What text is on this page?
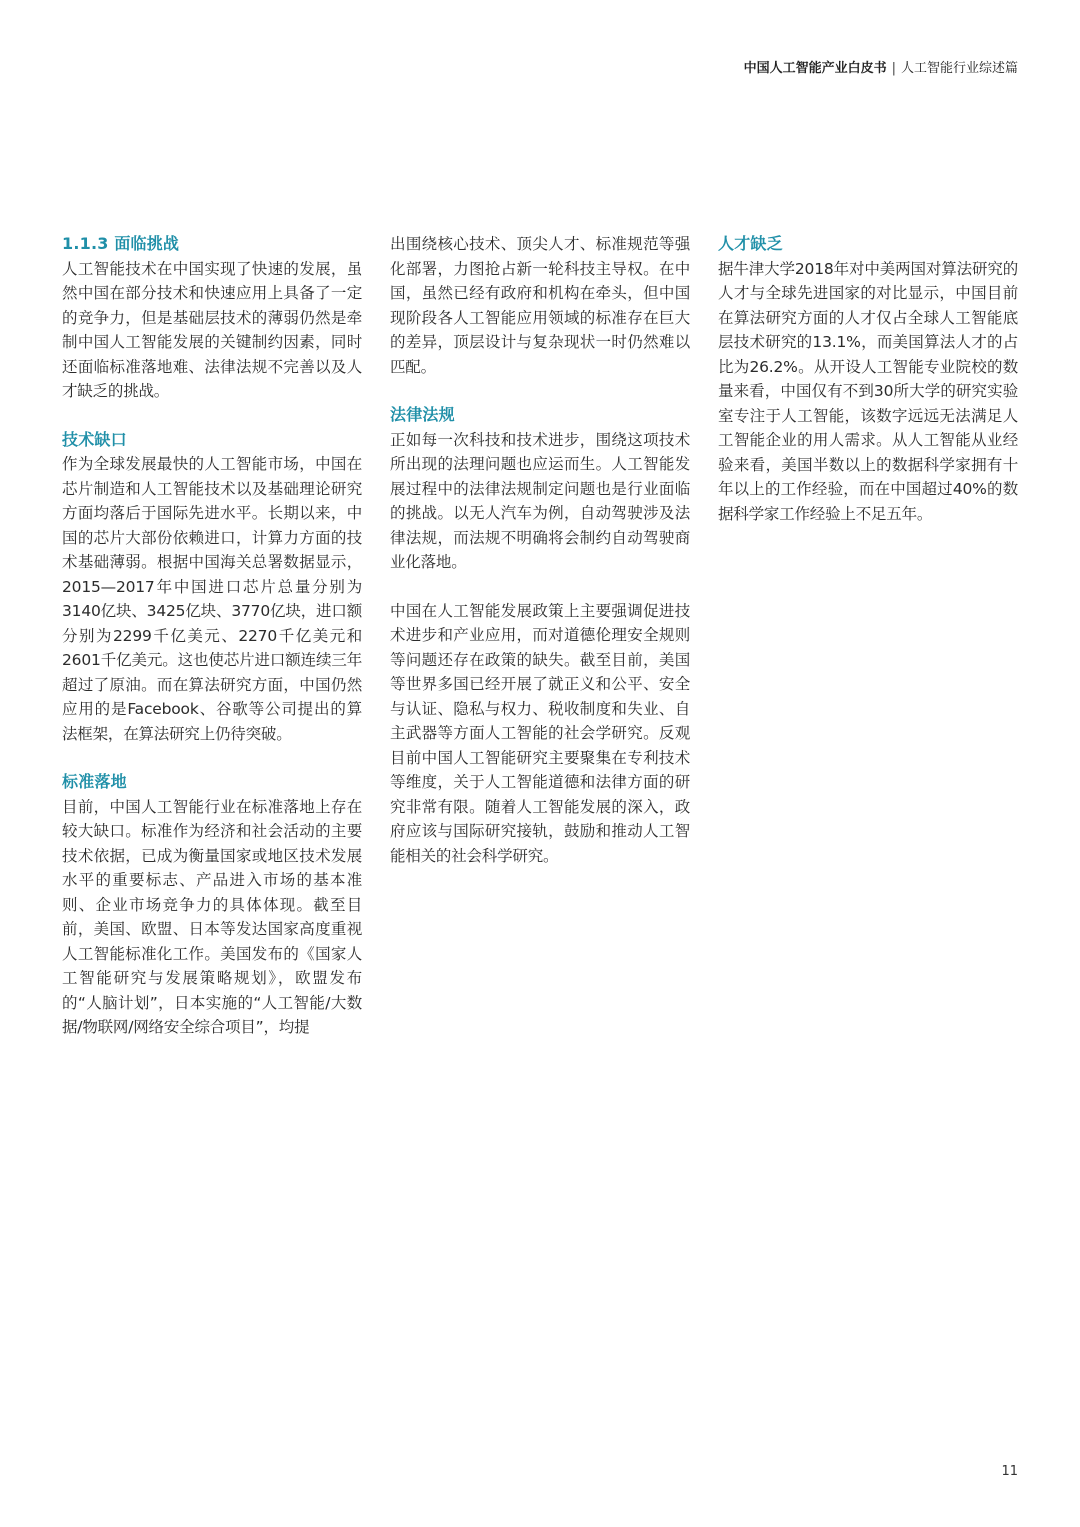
中国人工智能产业白皮书 | 人工智能行业综述篇
1.1.3 面临挑战
人工智能技术在中国实现了快速的发展，虽然中国在部分技术和快速应用上具备了一定的竞争力，但是基础层技术的薄弱仍然是牵制中国人工智能发展的关键制约因素，同时还面临标准落地难、法律法规不完善以及人才缺乏的挑战。
技术缺口
作为全球发展最快的人工智能市场，中国在芯片制造和人工智能技术以及基础理论研究方面均落后于国际先进水平。长期以来，中国的芯片大部份依赖进口，计算力方面的技术基础薄弱。根据中国海关总署数据显示，2015—2017年中国进口芯片总量分别为3140亿块、3425亿块、3770亿块，进口额分别为2299千亿美元、2270千亿美元和2601千亿美元。这也使芯片进口额连续三年超过了原油。而在算法研究方面，中国仍然应用的是Facebook、谷歌等公司提出的算法框架，在算法研究上仍待突破。
标准落地
目前，中国人工智能行业在标准落地上存在较大缺口。标准作为经济和社会活动的主要技术依据，已成为衡量国家或地区技术发展水平的重要标志、产品进入市场的基本准则、企业市场竞争力的具体体现。截至目前，美国、欧盟、日本等发达国家高度重视人工智能标准化工作。美国发布的《国家人工智能研究与发展策略规划》，欧盟发布的“人脑计划”，日本实施的“人工智能/大数据/物联网/网络安全综合项目”，均提
出围绕核心技术、顶尖人才、标准规范等强化部署，力图抢占新一轮科技主导权。在中国，虽然已经有政府和机构在牵头，但中国现阶段各人工智能应用领域的标准存在巨大的差异，顶层设计与复杂现状一时仍然难以匹配。
法律法规
正如每一次科技和技术进步，围绕这项技术所出现的法理问题也应运而生。人工智能发展过程中的法律法规制定问题也是行业面临的挑战。以无人汽车为例，自动驾驶涉及法律法规，而法规不明确将会制约自动驾驶商业化落地。
中国在人工智能发展政策上主要强调促进技术进步和产业应用，而对道德伦理安全规则等问题还存在政策的缺失。截至目前，美国等世界多国已经开展了就正义和公平、安全与认证、隐私与权力、税收制度和失业、自主武器等方面人工智能的社会学研究。反观目前中国人工智能研究主要聚集在专利技术等维度，关于人工智能道德和法律方面的研究非常有限。随着人工智能发展的深入，政府应该与国际研究接轨，鼓励和推动人工智能相关的社会科学研究。
人才缺乏
据牛津大学2018年对中美两国对算法研究的人才与全球先进国家的对比显示，中国目前在算法研究方面的人才仅占全球人工智能底层技术研究的13.1%，而美国算法人才的占比为26.2%。从开设人工智能专业院校的数量来看，中国仅有不到30所大学的研究实验室专注于人工智能，该数字远远无法满足人工智能企业的用人需求。从人工智能从业经验来看，美国半数以上的数据科学家拥有十年以上的工作经验，而在中国超过40%的数据科学家工作经验上不足五年。
11
